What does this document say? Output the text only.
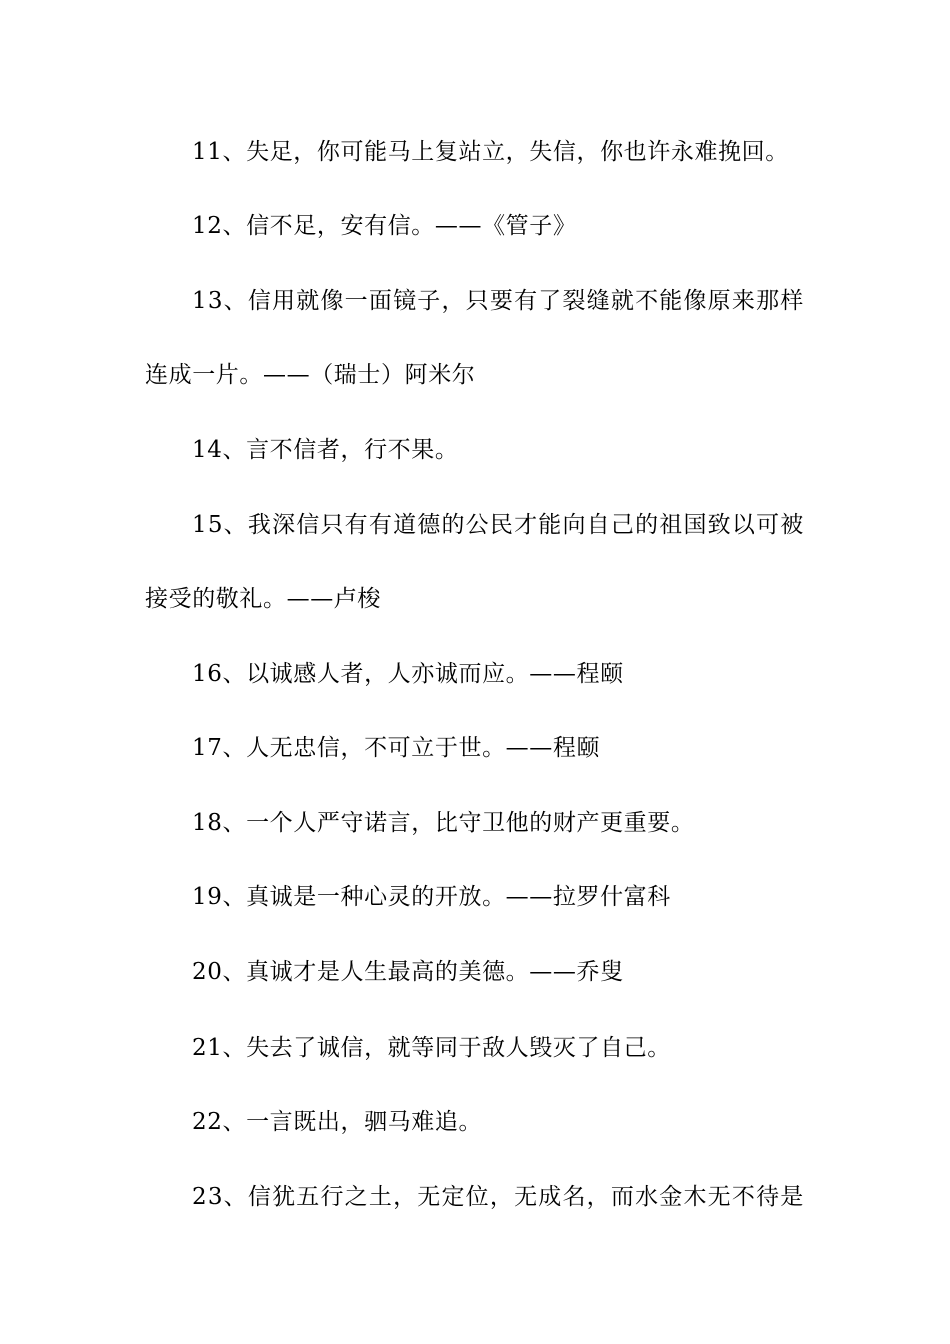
11、失足，你可能马上复站立，失信，你也许永难挽回。
12、信不足，安有信。——《管子》
13、信用就像一面镜子，只要有了裂缝就不能像原来那样
连成一片。——（瑞士）阿米尔
14、言不信者，行不果。
15、我深信只有有道德的公民才能向自己的祖国致以可被
接受的敬礼。——卢梭
16、以诚感人者，人亦诚而应。——程颐
17、人无忠信，不可立于世。——程颐
18、一个人严守诺言，比守卫他的财产更重要。
19、真诚是一种心灵的开放。——拉罗什富科
20、真诚才是人生最高的美德。——乔叟
21、失去了诚信，就等同于敌人毁灭了自己。
22、一言既出，驷马难追。
23、信犹五行之土，无定位，无成名，而水金木无不待是
